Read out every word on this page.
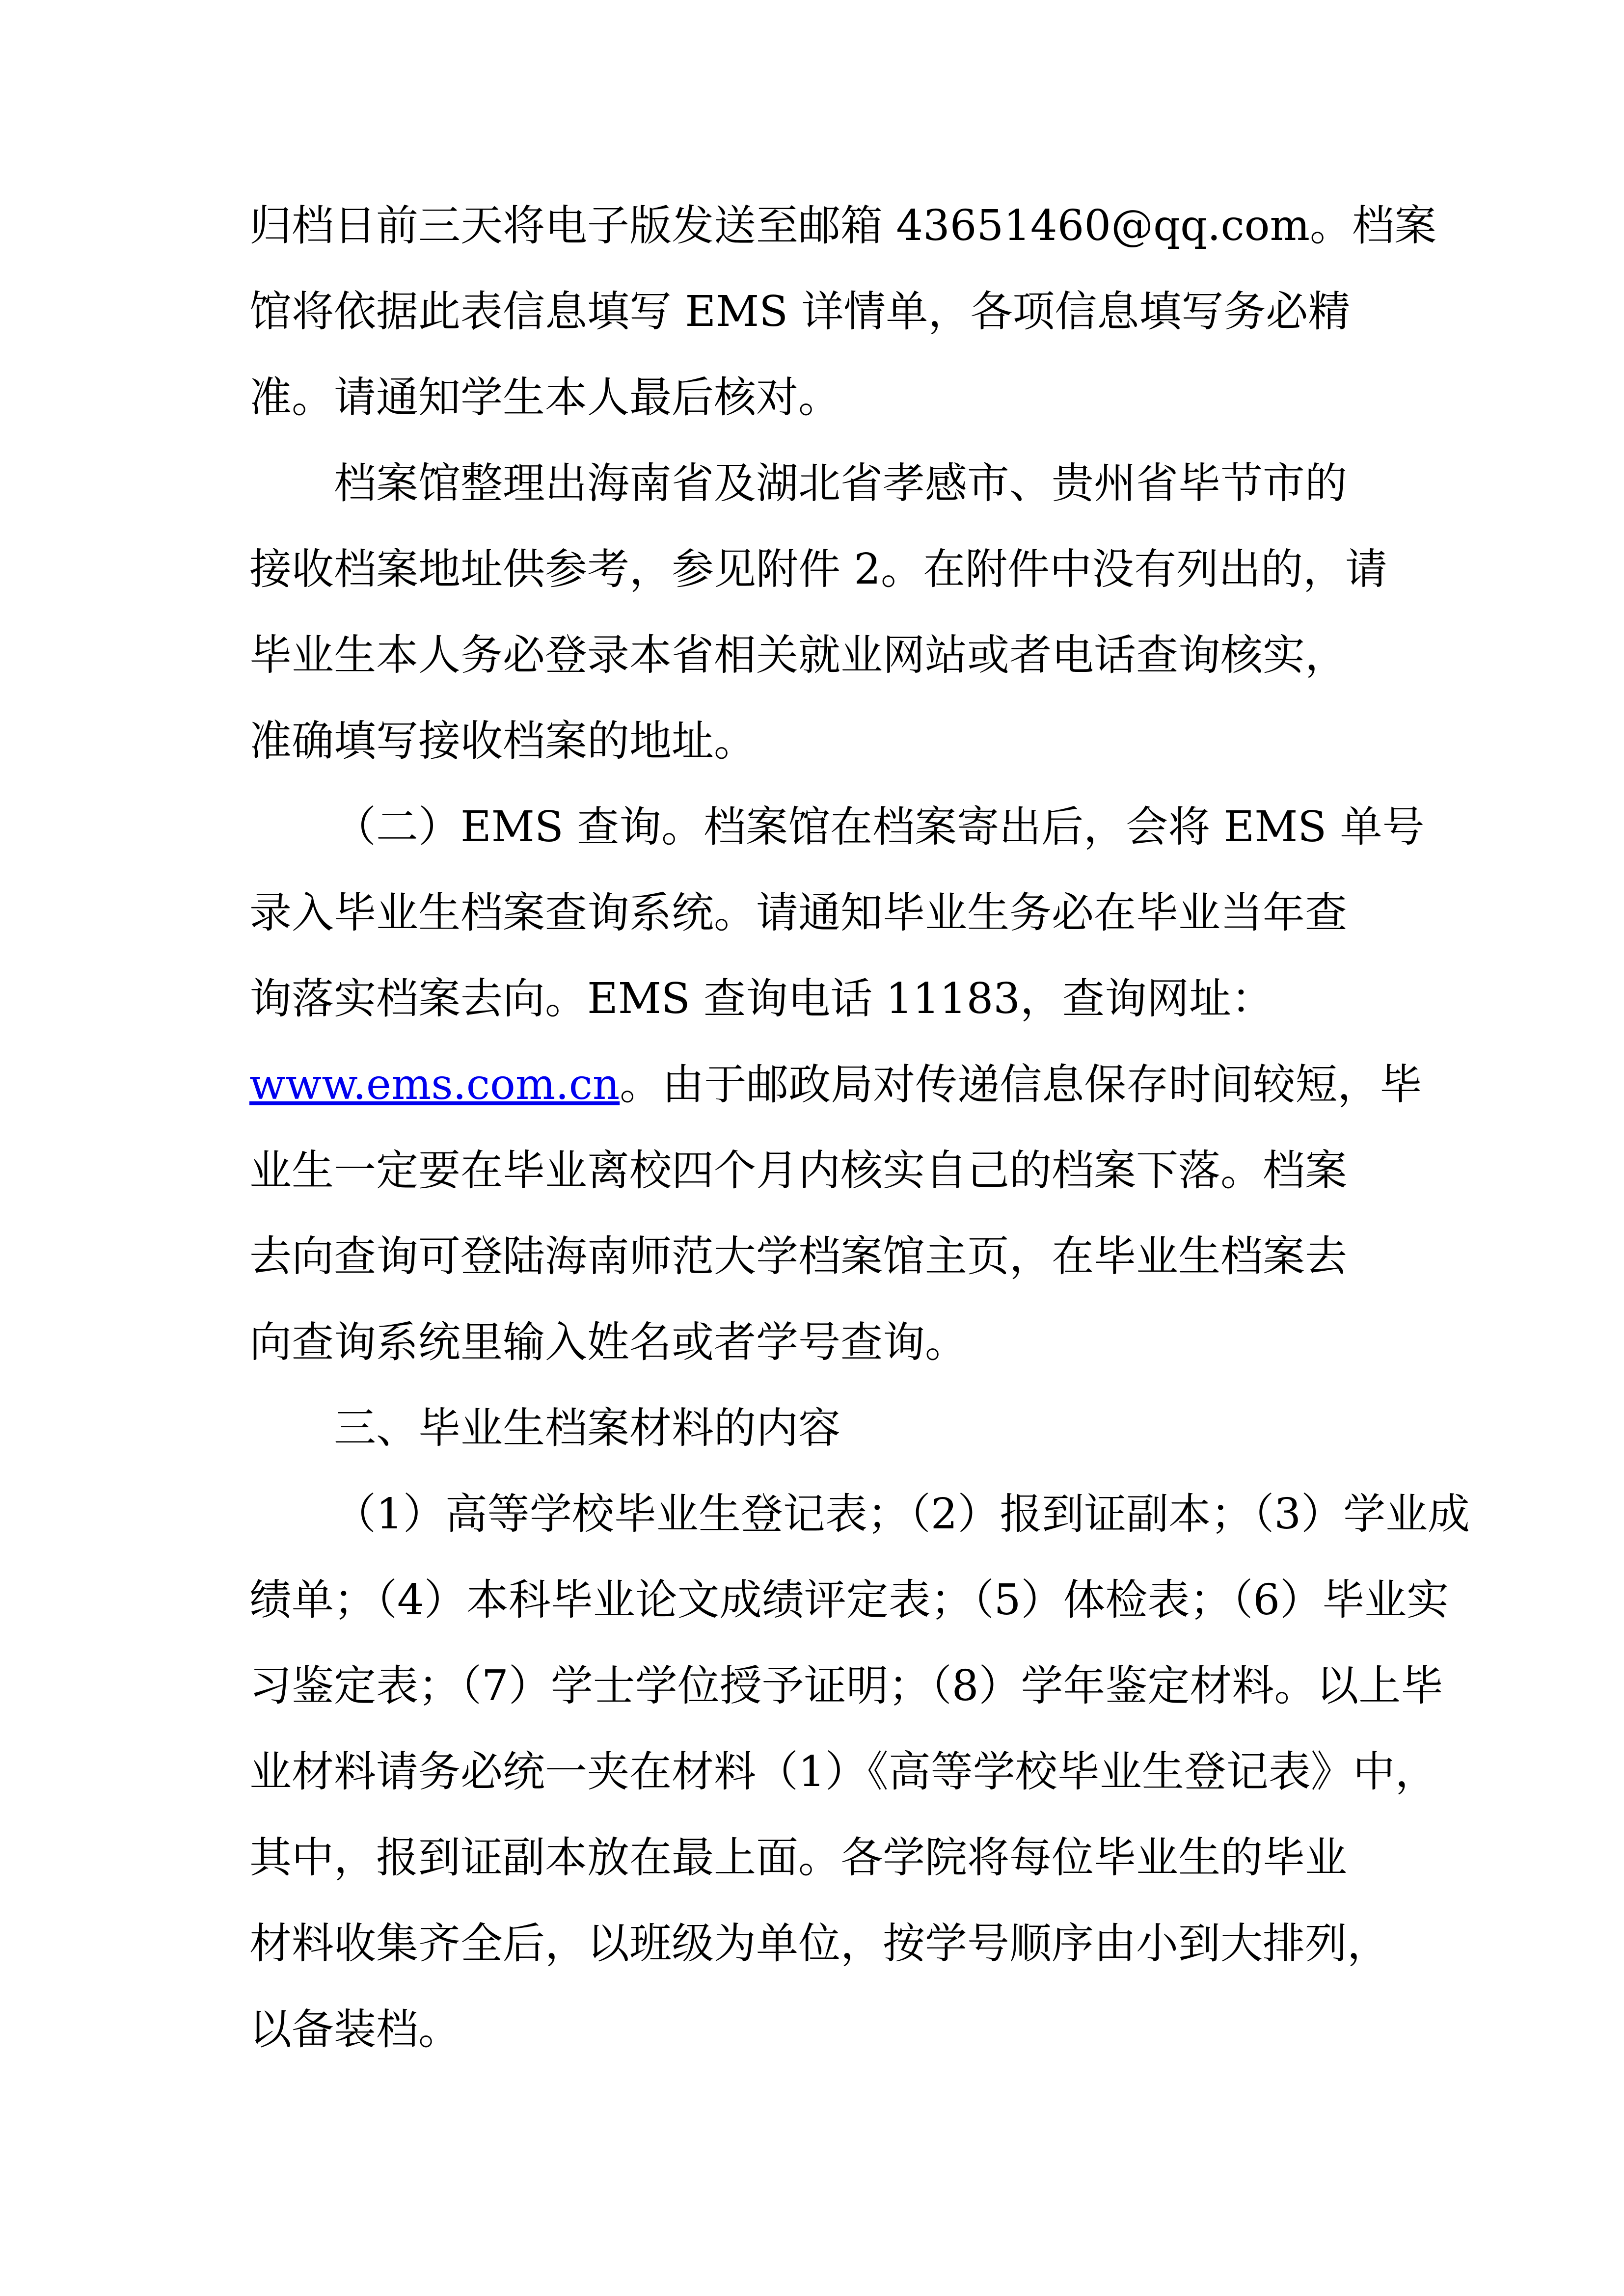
归档日前三天将电子版发送至邮箱 43651460@qq.com。档案
馆将依据此表信息填写 EMS 详情单，各项信息填写务必精
准。请通知学生本人最后核对。
档案馆整理出海南省及湖北省孝感市、贵州省毕节市的
接收档案地址供参考，参见附件 2。在附件中没有列出的，请
毕业生本人务必登录本省相关就业网站或者电话查询核实，
准确填写接收档案的地址。
（二）EMS 查询。档案馆在档案寄出后，会将 EMS 单号
录入毕业生档案查询系统。请通知毕业生务必在毕业当年查
询落实档案去向。EMS 查询电话 11183，查询网址：
www.ems.com.cn。由于邮政局对传递信息保存时间较短，毕
业生一定要在毕业离校四个月内核实自己的档案下落。档案
去向查询可登陆海南师范大学档案馆主页，在毕业生档案去
向查询系统里输入姓名或者学号查询。
三、毕业生档案材料的内容
（1）高等学校毕业生登记表；（2）报到证副本；（3）学业成
绩单；（4）本科毕业论文成绩评定表；（5）体检表；（6）毕业实
习鉴定表；（7）学士学位授予证明；（8）学年鉴定材料。以上毕
业材料请务必统一夹在材料（1）《高等学校毕业生登记表》中，
其中，报到证副本放在最上面。各学院将每位毕业生的毕业
材料收集齐全后，以班级为单位，按学号顺序由小到大排列，
以备装档。
